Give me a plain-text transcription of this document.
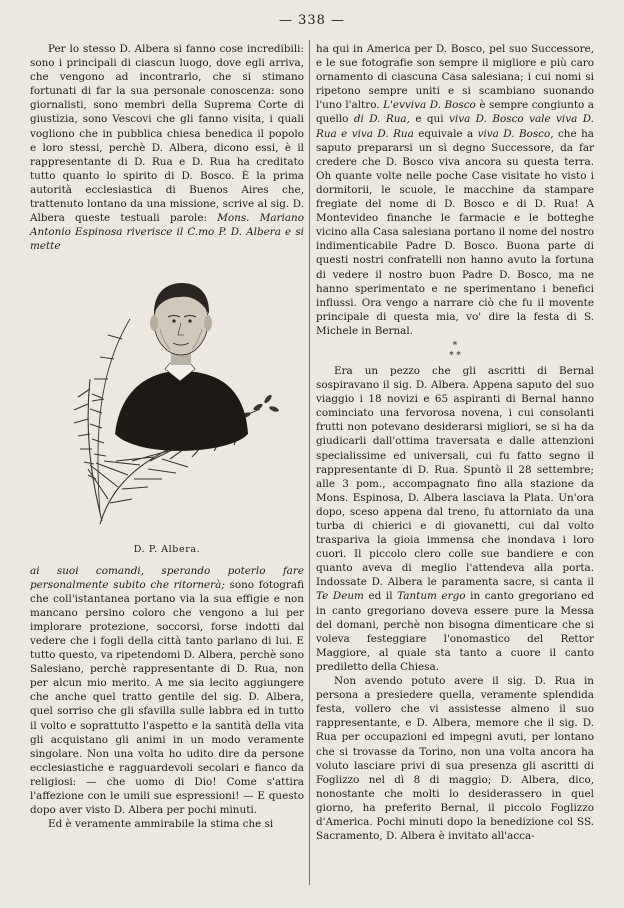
— 338 —

Per lo stesso D. Albera si fanno cose incredibili: sono i principali di ciascun luogo, dove egli arriva, che vengono ad incontrarlo, che si stimano fortunati di far la sua personale conoscenza: sono giornalisti, sono membri della Suprema Corte di giustizia, sono Vescovi che gli fanno visita, i quali vogliono che in pubblica chiesa benedica il popolo e loro stessi, perchè D. Albera, dicono essi, è il rappresentante di D. Rua e D. Rua ha creditato tutto quanto lo spirito di D. Bosco. È la prima autorità ecclesiastica di Buenos Aires che, trattenuto lontano da una missione, scrive al sig. D. Albera queste testuali parole: Mons. Mariano Antonio Espinosa riverisce il C.mo P. D. Albera e si mette

D. P. Albera.

ai suoi comandi, sperando poterlo fare personalmente subito che ritornerà; sono fotografi che coll'istantanea portano via la sua effigie e non mancano persino coloro che vengono a lui per implorare protezione, soccorsi, forse indotti dal vedere che i fogli della città tanto parlano di lui. E tutto questo, va ripetendomi D. Albera, perchè sono Salesiano, perchè rappresentante di D. Rua, non per alcun mio merito. A me sia lecito aggiungere che anche quel tratto gentile del sig. D. Albera, quel sorriso che gli sfavilla sulle labbra ed in tutto il volto e soprattutto l'aspetto e la santità della vita gli acquistano gli animi in un modo veramente singolare. Non una volta ho udito dire da persone ecclesiastiche e ragguardevoli secolari e fianco da religiosi: — che uomo di Dio! Come s'attira l'affezione con le umili sue espressioni! — E questo dopo aver visto D. Albera per pochi minuti.

Ed è veramente ammirabile la stima che si

ha qui in America per D. Bosco, pel suo Successore, e le sue fotografie son sempre il migliore e più caro ornamento di ciascuna Casa salesiana; i cui nomi si ripetono sempre uniti e si scambiano suonando l'uno l'altro. L'evviva D. Bosco è sempre congiunto a quello di D. Rua, e qui viva D. Bosco vale viva D. Rua e viva D. Rua equivale a viva D. Bosco, che ha saputo prepararsi un sì degno Successore, da far credere che D. Bosco viva ancora su questa terra. Oh quante volte nelle poche Case visitate ho visto i dormitorii, le scuole, le macchine da stampare fregiate del nome di D. Bosco e di D. Rua! A Montevideo finanche le farmacie e le botteghe vicino alla Casa salesiana portano il nome del nostro indimenticabile Padre D. Bosco. Buona parte di questi nostri confratelli non hanno avuto la fortuna di vedere il nostro buon Padre D. Bosco, ma ne hanno sperimentato e ne sperimentano i benefici influssi. Ora vengo a narrare ciò che fu il movente principale di questa mia, vo' dire la festa di S. Michele in Bernal.

*
* *

Era un pezzo che gli ascritti di Bernal sospiravano il sig. D. Albera. Appena saputo del suo viaggio i 18 novizi e 65 aspiranti di Bernal hanno cominciato una fervorosa novena, i cui consolanti frutti non potevano desiderarsi migliori, se si ha da giudicarli dall'ottima traversata e dalle attenzioni specialissime ed universali, cui fu fatto segno il rappresentante di D. Rua. Spuntò il 28 settembre; alle 3 pom., accompagnato fino alla stazione da Mons. Espinosa, D. Albera lasciava la Plata. Un'ora dopo, sceso appena dal treno, fu attorniato da una turba di chierici e di giovanetti, cui dal volto traspariva la gioia immensa che inondava i loro cuori. Il piccolo clero colle sue bandiere e con quanto aveva di meglio l'attendeva alla porta. Indossate D. Albera le paramenta sacre, si canta il Te Deum ed il Tantum ergo in canto gregoriano ed in canto gregoriano doveva essere pure la Messa del domani, perchè non bisogna dimenticare che si voleva festeggiare l'onomastico del Rettor Maggiore, al quale sta tanto a cuore il canto prediletto della Chiesa.

Non avendo potuto avere il sig. D. Rua in persona a presiedere quella, veramente splendida festa, vollero che vi assistesse almeno il suo rappresentante, e D. Albera, memore che il sig. D. Rua per occupazioni ed impegni avuti, per lontano che si trovasse da Torino, non una volta ancora ha voluto lasciare privi di sua presenza gli ascritti di Foglizzo nel dì 8 di maggio; D. Albera, dico, nonostante che molti lo desiderassero in quel giorno, ha preferito Bernal, il piccolo Foglizzo d'America. Pochi minuti dopo la benedizione col SS. Sacramento, D. Albera è invitato all'acca-
